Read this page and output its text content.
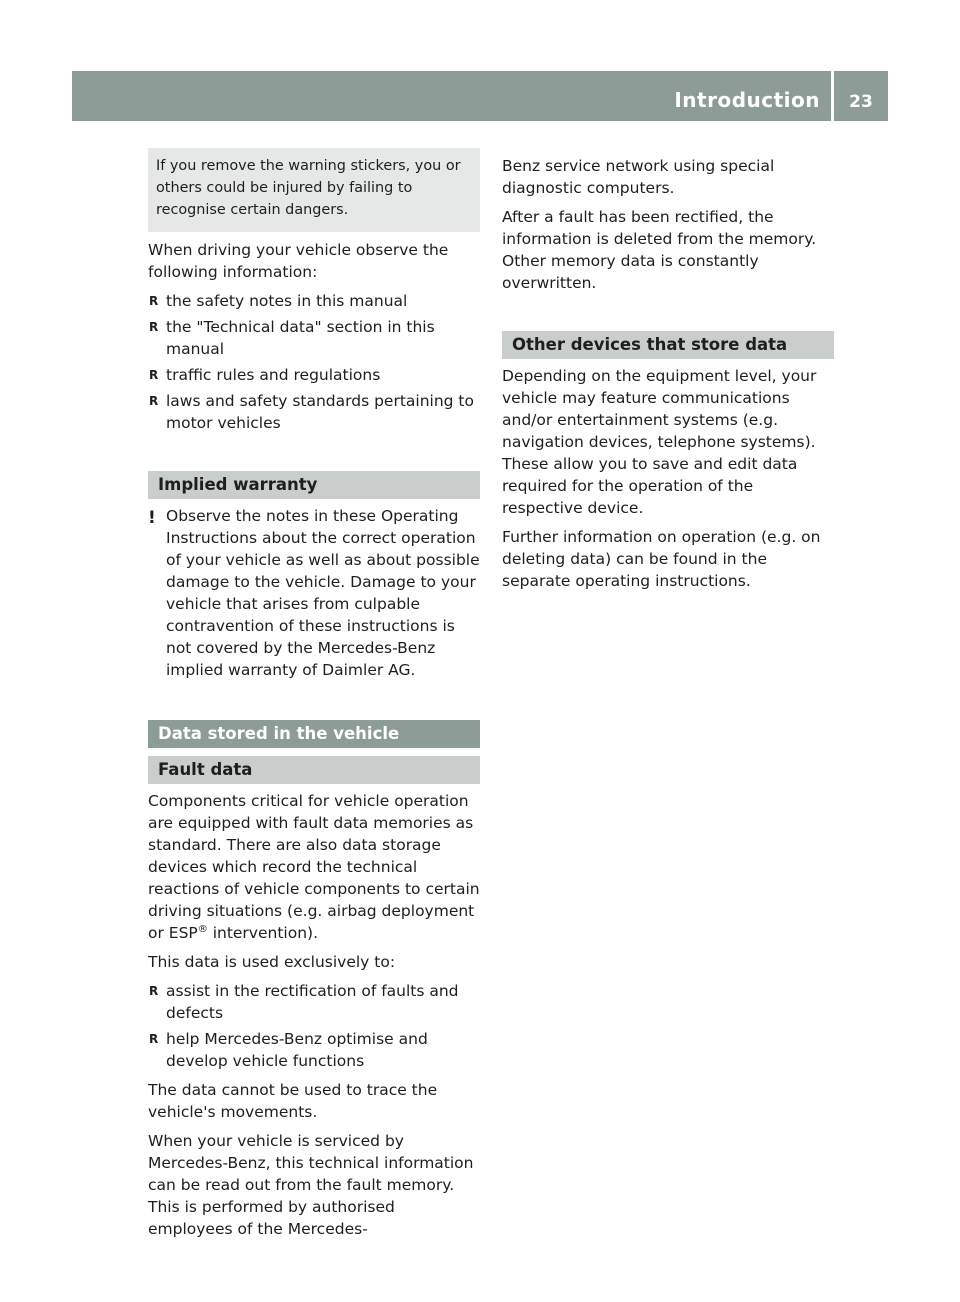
Introduction	23
If you remove the warning stickers, you or others could be injured by failing to recognise certain dangers.

When driving your vehicle observe the following information:

R the safety notes in this manual
R the "Technical data" section in this manual
R traffic rules and regulations
R laws and safety standards pertaining to motor vehicles
Implied warranty
! Observe the notes in these Operating Instructions about the correct operation of your vehicle as well as about possible damage to the vehicle. Damage to your vehicle that arises from culpable contravention of these instructions is not covered by the Mercedes-Benz implied warranty of Daimler AG.
Data stored in the vehicle
Fault data

Components critical for vehicle operation are equipped with fault data memories as standard. There are also data storage devices which record the technical reactions of vehicle components to certain driving situations (e.g. airbag deployment or ESP® intervention).

This data is used exclusively to:

R assist in the rectification of faults and defects
R help Mercedes-Benz optimise and develop vehicle functions

The data cannot be used to trace the vehicle's movements.

When your vehicle is serviced by Mercedes-Benz, this technical information can be read out from the fault memory. This is performed by authorised employees of the Mercedes-

Benz service network using special diagnostic computers.

After a fault has been rectified, the information is deleted from the memory. Other memory data is constantly overwritten.

Other devices that store data

Depending on the equipment level, your vehicle may feature communications and/or entertainment systems (e.g. navigation devices, telephone systems). These allow you to save and edit data required for the operation of the respective device.

Further information on operation (e.g. on deleting data) can be found in the separate operating instructions.
